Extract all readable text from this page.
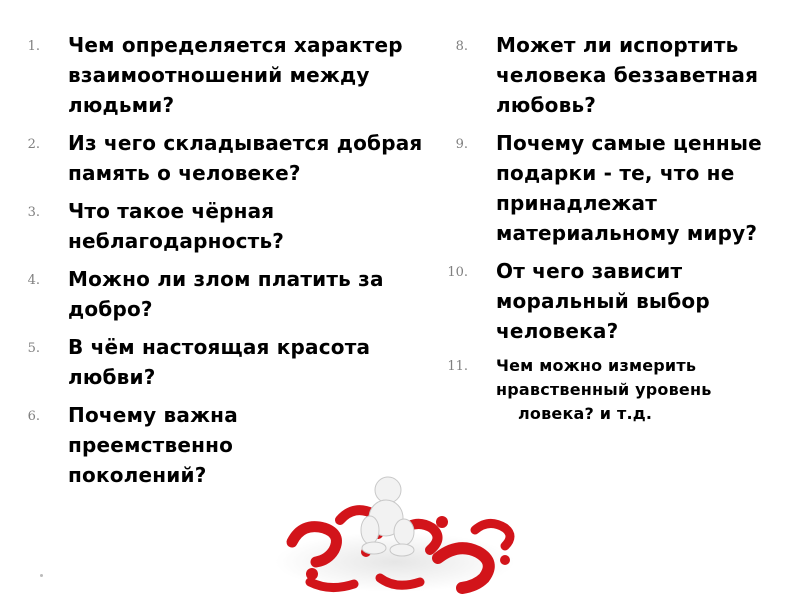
1. Чем определяется характер взаимоотношений между людьми?
2. Из чего складывается добрая память о человеке?
3. Что такое чёрная неблагодарность?
4. Можно ли злом платить за добро?
5. В чём настоящая красота любви?
6. Почему важна преемственно поколений?
8. Может ли испортить человека беззаветная любовь?
9. Почему самые ценные подарки - те, что не принадлежат материальному миру?
10. От чего зависит моральный выбор человека?
11. Чем можно измерить нравственный уровень
ловека? и т.д.
